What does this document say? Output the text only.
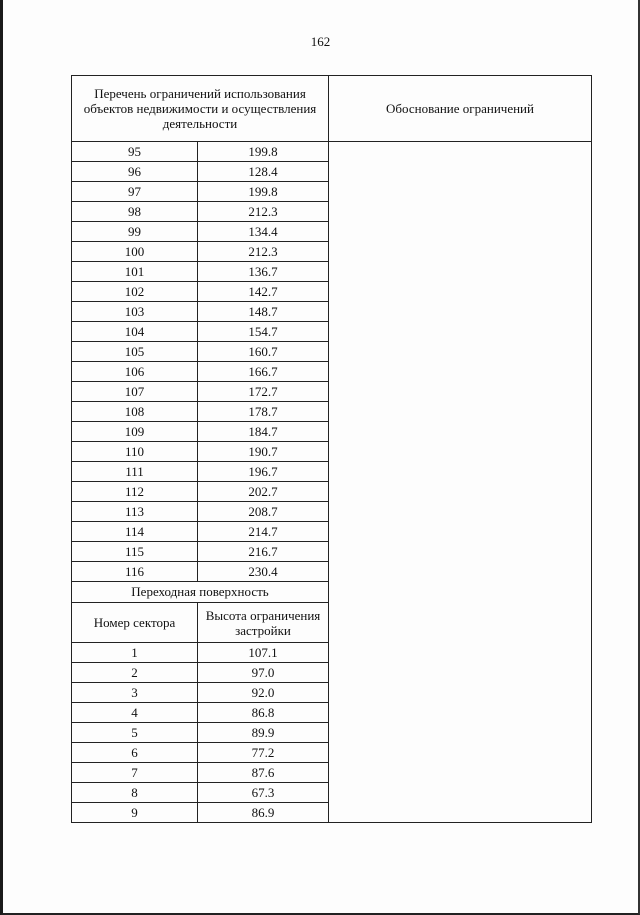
162
Перечень ограничений использования объектов недвижимости и осуществления деятельности		Обоснование ограничений
95	199.8	
96	128.4	
97	199.8	
98	212.3	
99	134.4	
100	212.3	
101	136.7	
102	142.7	
103	148.7	
104	154.7	
105	160.7	
106	166.7	
107	172.7	
108	178.7	
109	184.7	
110	190.7	
111	196.7	
112	202.7	
113	208.7	
114	214.7	
115	216.7	
116	230.4	
Переходная поверхность		
Номер сектора	Высота ограничения застройки	
1	107.1	
2	97.0	
3	92.0	
4	86.8	
5	89.9	
6	77.2	
7	87.6	
8	67.3	
9	86.9	
